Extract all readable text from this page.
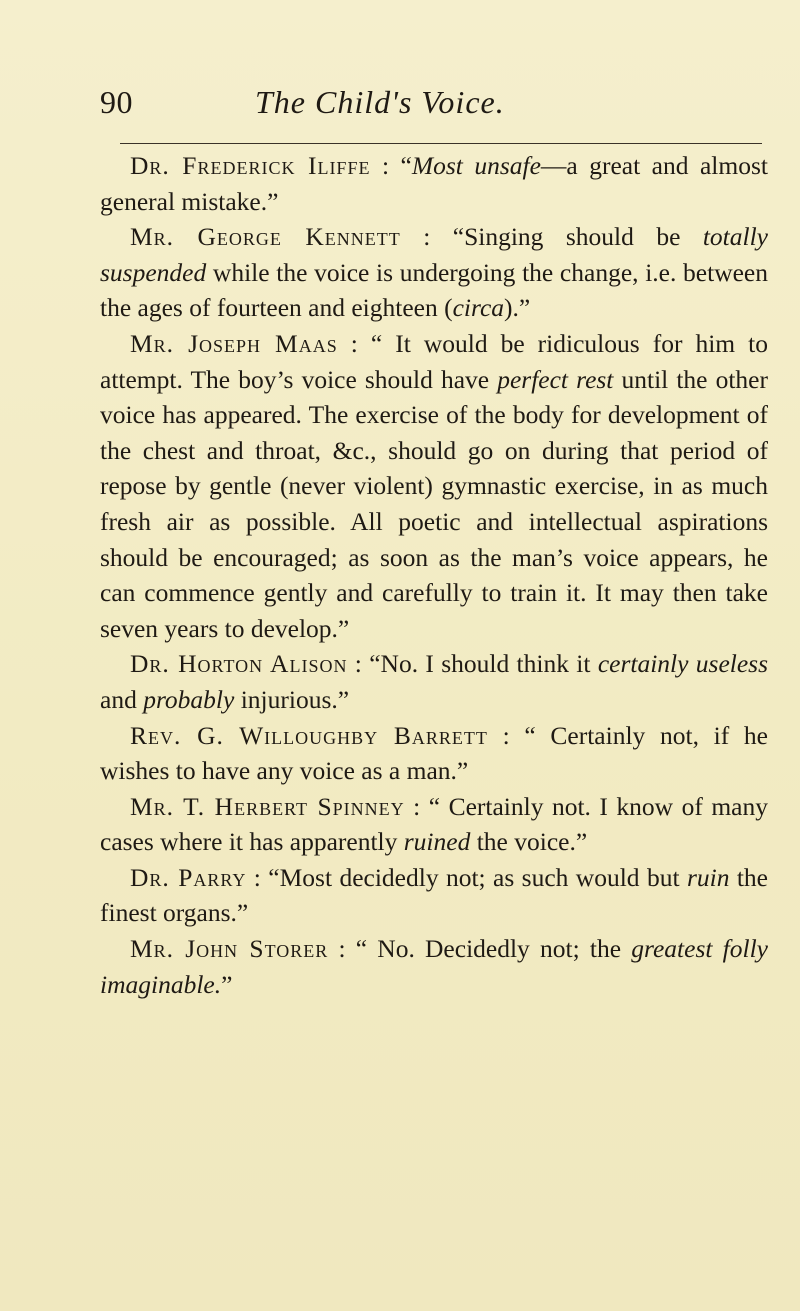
90	The Child's Voice.

Dr. Frederick Iliffe : “Most unsafe—a great and almost general mistake.”

Mr. George Kennett : “Singing should be totally suspended while the voice is undergoing the change, i.e. between the ages of fourteen and eighteen (circa).”

Mr. Joseph Maas : “ It would be ridiculous for him to attempt. The boy’s voice should have perfect rest until the other voice has appeared. The exercise of the body for development of the chest and throat, &c., should go on during that period of repose by gentle (never violent) gymnastic exercise, in as much fresh air as possible. All poetic and intellectual aspirations should be encouraged; as soon as the man’s voice appears, he can commence gently and carefully to train it. It may then take seven years to develop.”

Dr. Horton Alison : “No. I should think it certainly useless and probably injurious.”

Rev. G. Willoughby Barrett : “ Certainly not, if he wishes to have any voice as a man.”

Mr. T. Herbert Spinney : “ Certainly not. I know of many cases where it has apparently ruined the voice.”

Dr. Parry : “Most decidedly not; as such would but ruin the finest organs.”

Mr. John Storer : “ No. Decidedly not; the greatest folly imaginable.”
